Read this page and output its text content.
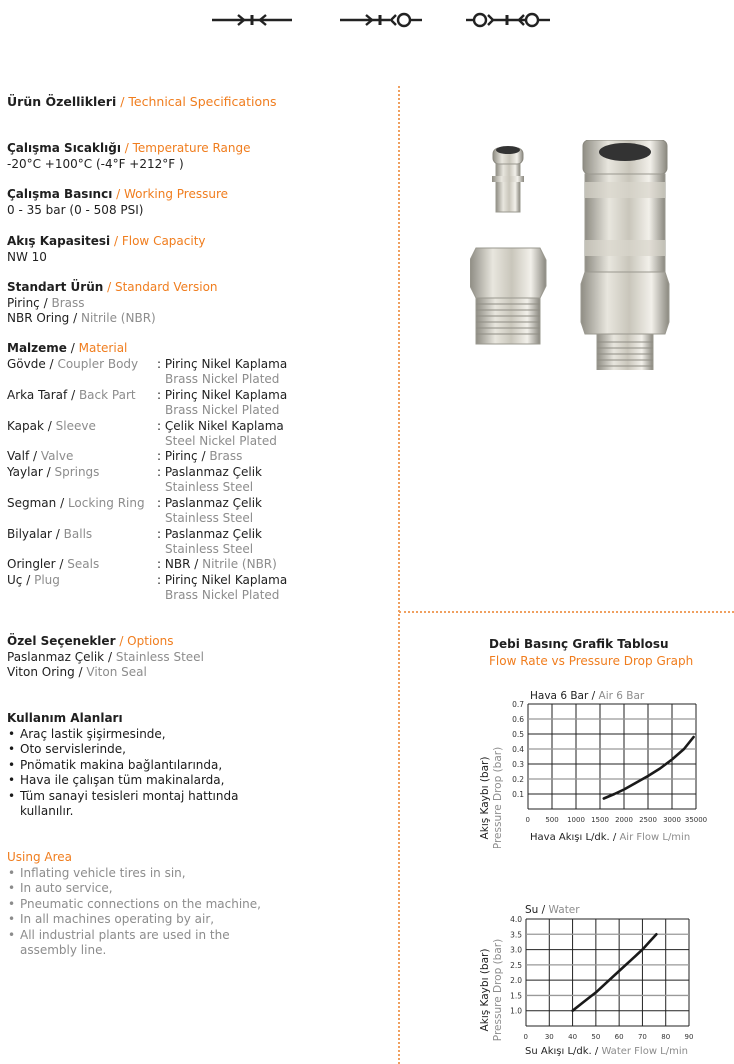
Ürün Özellikleri / Technical Specifications
Çalışma Sıcaklığı / Temperature Range
-20°C +100°C (-4°F +212°F )
Çalışma Basıncı / Working Pressure
0 - 35 bar (0 - 508 PSI)
Akış Kapasitesi / Flow Capacity
NW 10
Standart Ürün / Standard Version
Pirinç / Brass
NBR Oring / Nitrile (NBR)
Malzeme / Material
Gövde / Coupler Body : Pirinç Nikel Kaplama
Brass Nickel Plated
Arka Taraf / Back Part : Pirinç Nikel Kaplama
Brass Nickel Plated
Kapak / Sleeve	: Çelik Nikel Kaplama
Steel Nickel Plated
Valf / Valve	: Pirinç / Brass
Yaylar / Springs	: Paslanmaz Çelik
Stainless Steel
Segman / Locking Ring : Paslanmaz Çelik
Stainless Steel
Bilyalar / Balls	: Paslanmaz Çelik
Stainless Steel
Oringler / Seals	: NBR / Nitrile (NBR)
Uç / Plug	: Pirinç Nikel Kaplama
Brass Nickel Plated
Özel Seçenekler / Options
Paslanmaz Çelik / Stainless Steel
Viton Oring / Viton Seal
Kullanım Alanları
• Araç lastik şişirmesinde,
• Oto servislerinde,
• Pnömatik makina bağlantılarında,
• Hava ile çalışan tüm makinalarda,
• Tüm sanayi tesisleri montaj hattında
kullanılır.
Using Area
• Inflating vehicle tires in sin,
• In auto service,
• Pneumatic connections on the machine,
• In all machines operating by air,
• All industrial plants are used in the
assembly line.
Debi Basınç Grafik Tablosu
Flow Rate vs Pressure Drop Graph
Hava 6 Bar / Air 6 Bar
Akış Kaybı (bar) Pressure Drop (bar) 0.1
0.2
0.3
0.4
0.5
0.6
0.7
0 500 1000 1500 2000 2500 3000 35000
Hava Akışı L/dk. / Air Flow L/min
Su / Water
Akış Kaybı (bar) Pressure Drop (bar) 1.0
1.5
2.0
2.5
3.0
3.5
4.0
0 30 40 50 60 70 80 90
Su Akışı L/dk. / Water Flow L/min
